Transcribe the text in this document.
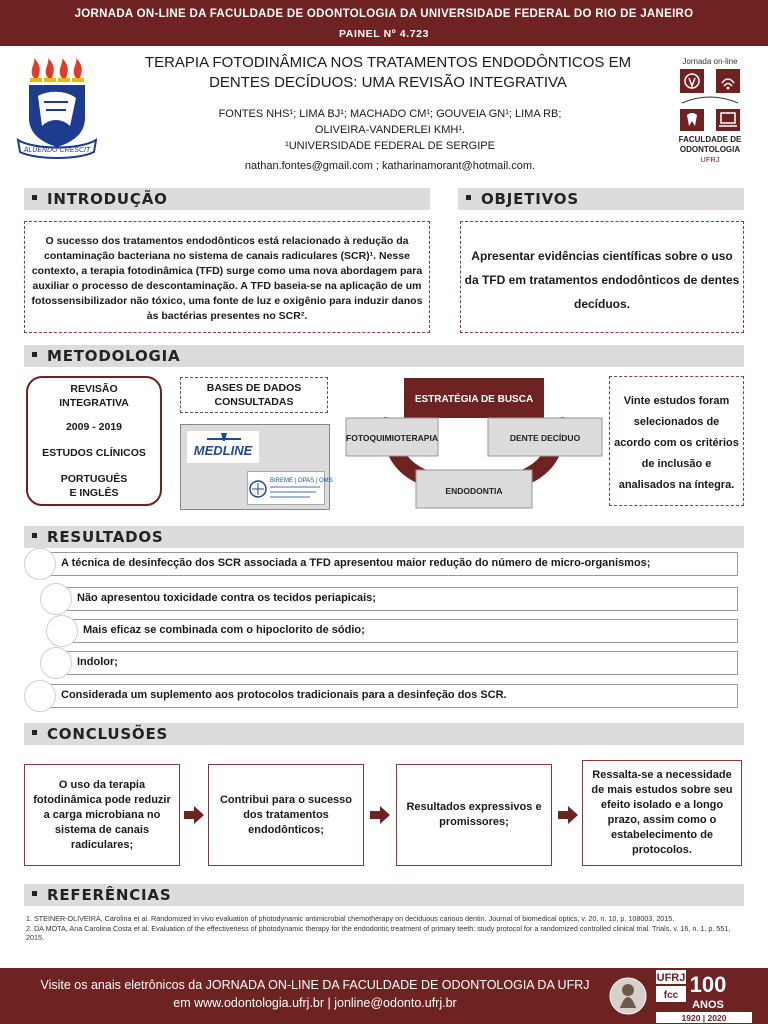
JORNADA ON-LINE DA FACULDADE DE ODONTOLOGIA DA UNIVERSIDADE FEDERAL DO RIO DE JANEIRO
PAINEL Nº 4.723
ALUENDO CRESCIT
TERAPIA FOTODINÂMICA NOS TRATAMENTOS ENDODÔNTICOS EM
DENTES DECÍDUOS: UMA REVISÃO INTEGRATIVA
FONTES NHS¹; LIMA BJ¹; MACHADO CM¹; GOUVEIA GN¹; LIMA RB;
OLIVEIRA-VANDERLEI KMH¹.
¹UNIVERSIDADE FEDERAL DE SERGIPE
nathan.fontes@gmail.com ; katharinamorant@hotmail.com.
Jornada on-line
FACULDADE DE
ODONTOLOGIA
UFRJ
INTRODUÇÃO	OBJETIVOS
O sucesso dos tratamentos endodônticos está relacionado à redução da contaminação bacteriana no sistema de canais radiculares (SCR)¹. Nesse contexto, a terapia fotodinâmica (TFD) surge como uma nova abordagem para auxiliar o processo de descontaminação. A TFD baseia-se na aplicação de um fotossensibilizador não tóxico, uma fonte de luz e oxigênio para induzir danos às bactérias presentes no SCR².
Apresentar evidências científicas sobre o uso da TFD em tratamentos endodônticos de dentes decíduos.
METODOLOGIA
REVISÃO
INTEGRATIVA
2009 - 2019
ESTUDOS CLÍNICOS
PORTUGUÊS
E INGLÊS
BASES DE DADOS
CONSULTADAS
MEDLINE
BIREME | OPAS | OMS
ESTRATÉGIA DE BUSCA
FOTOQUIMIOTERAPIA	DENTE DECÍDUO
ENDODONTIA
Vinte estudos foram selecionados de acordo com os critérios de inclusão e analisados na íntegra.
RESULTADOS
A técnica de desinfecção dos SCR associada a TFD apresentou maior redução do número de micro-organismos;
Não apresentou toxicidade contra os tecidos periapicais;
Mais eficaz se combinada com o hipoclorito de sódio;
Indolor;
Considerada um suplemento aos protocolos tradicionais para a desinfeção dos SCR.
CONCLUSÕES
O uso da terapia fotodinâmica pode reduzir a carga microbiana no sistema de canais radiculares;
Contribui para o sucesso dos tratamentos endodônticos;
Resultados expressivos e promissores;
Ressalta-se a necessidade de mais estudos sobre seu efeito isolado e a longo prazo, assim como o estabelecimento de protocolos.
REFERÊNCIAS
1. STEINER-OLIVEIRA, Carolina et al. Randomized in vivo evaluation of photodynamic antimicrobial chemotherapy on deciduous carious dentin. Journal of biomedical optics, v. 20, n. 10, p. 108003, 2015.
2. DA MOTA, Ana Carolina Costa et al. Evaluation of the effectiveness of photodynamic therapy for the endodontic treatment of primary teeth: study protocol for a randomized controlled clinical trial. Trials, v. 16, n. 1, p. 551, 2015.
Visite os anais eletrônicos da JORNADA ON-LINE DA FACULDADE DE ODONTOLOGIA DA UFRJ
em www.odontologia.ufrj.br | jonline@odonto.ufrj.br
UFRJ
fcc 100
ANOS
1920 | 2020
